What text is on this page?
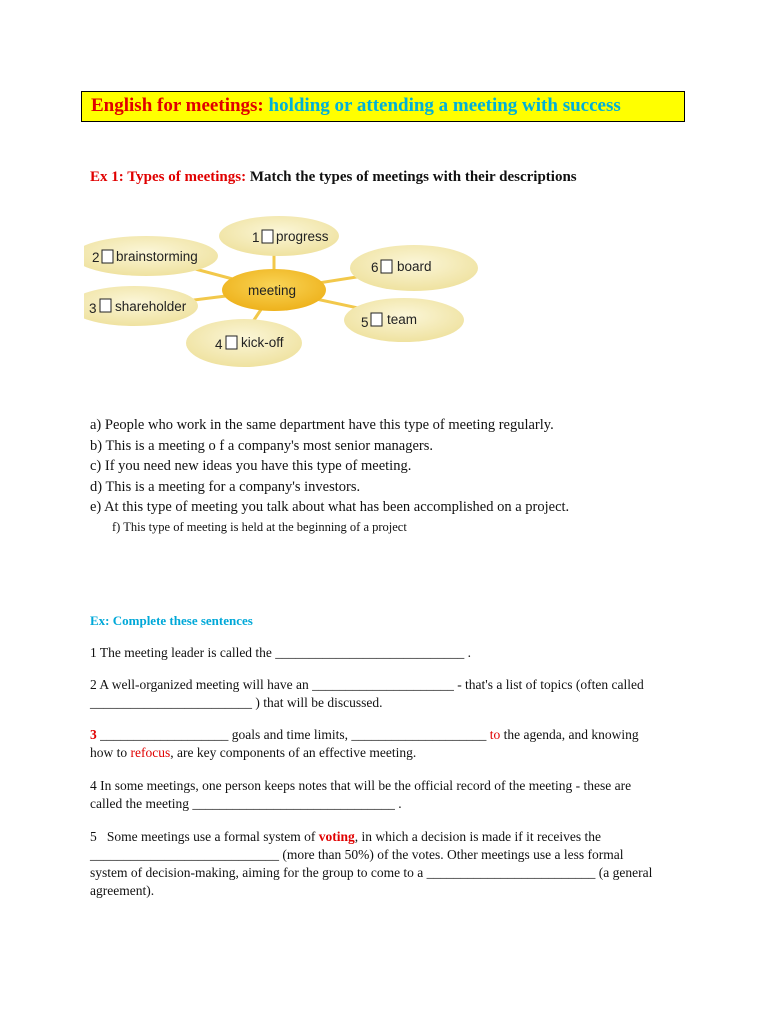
English for meetings: holding or attending a meeting with success
Ex 1: Types of meetings: Match the types of meetings with their descriptions
meeting
1 progress
2 brainstorming
3 shareholder
4 kick-off
5 team
6 board
a) People who work in the same department have this type of meeting regularly.
b) This is a meeting o f a company's most senior managers.
c) If you need new ideas you have this type of meeting.
d) This is a meeting for a company's investors.
e) At this type of meeting you talk about what has been accomplished on a project.
f) This type of meeting is held at the beginning of a project
Ex: Complete these sentences
1 The meeting leader is called the ____________________________ .
2 A well-organized meeting will have an _____________________ - that's a list of topics (often called
________________________ ) that will be discussed.
3 ___________________ goals and time limits, ____________________ to the agenda, and knowing
how to refocus, are key components of an effective meeting.
4 In some meetings, one person keeps notes that will be the official record of the meeting - these are
called the meeting ______________________________ .
5   Some meetings use a formal system of voting, in which a decision is made if it receives the
____________________________ (more than 50%) of the votes. Other meetings use a less formal
system of decision-making, aiming for the group to come to a _________________________ (a general
agreement).
